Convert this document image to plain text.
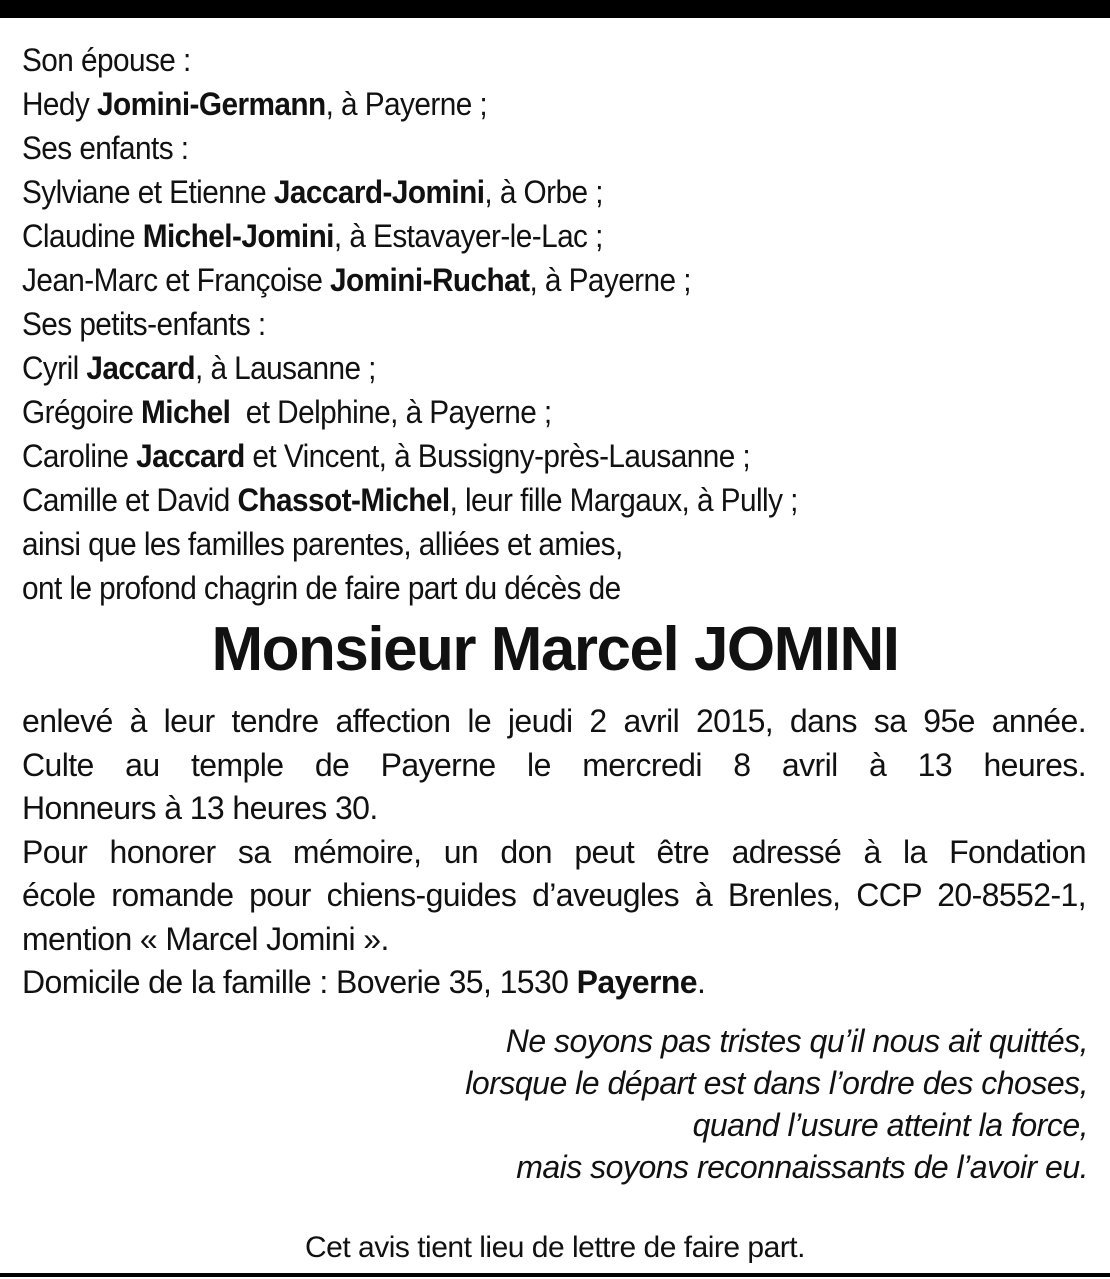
Son épouse :
Hedy Jomini-Germann, à Payerne ;
Ses enfants :
Sylviane et Etienne Jaccard-Jomini, à Orbe ;
Claudine Michel-Jomini, à Estavayer-le-Lac ;
Jean-Marc et Françoise Jomini-Ruchat, à Payerne ;
Ses petits-enfants :
Cyril Jaccard, à Lausanne ;
Grégoire Michel  et Delphine, à Payerne ;
Caroline Jaccard et Vincent, à Bussigny-près-Lausanne ;
Camille et David Chassot-Michel, leur fille Margaux, à Pully ;
ainsi que les familles parentes, alliées et amies,
ont le profond chagrin de faire part du décès de
Monsieur Marcel JOMINI
enlevé à leur tendre affection le jeudi 2 avril 2015, dans sa 95e année.
Culte au temple de Payerne le mercredi 8 avril à 13 heures.
Honneurs à 13 heures 30.
Pour honorer sa mémoire, un don peut être adressé à la Fondation
école romande pour chiens-guides d’aveugles à Brenles, CCP 20-8552-1,
mention « Marcel Jomini ».
Domicile de la famille : Boverie 35, 1530 Payerne.
Ne soyons pas tristes qu’il nous ait quittés,
lorsque le départ est dans l’ordre des choses,
quand l’usure atteint la force,
mais soyons reconnaissants de l’avoir eu.
Cet avis tient lieu de lettre de faire part.
